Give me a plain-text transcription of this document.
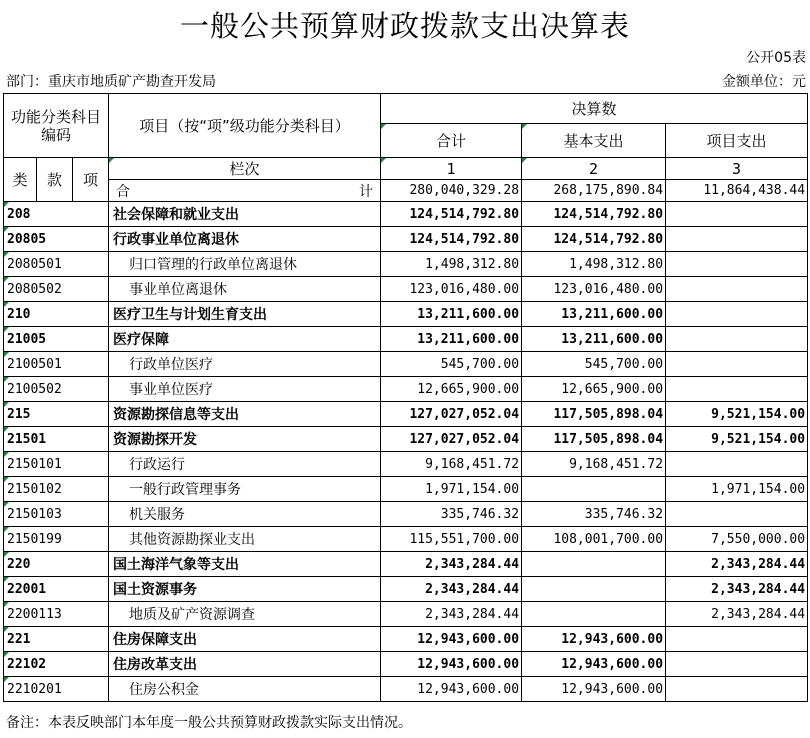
一般公共预算财政拨款支出决算表
公开05表
部门：重庆市地质矿产勘查开发局	金额单位：元
功能分类科目编码			项目（按“项”级功能分类科目）	决算数		
				合计	基本支出	项目支出
类	款	项	栏次	1	2	3

			合 计	280,040,329.28	268,175,890.84	11,864,438.44
208			社会保障和就业支出	124,514,792.80	124,514,792.80	
20805			行政事业单位离退休	124,514,792.80	124,514,792.80	
2080501			归口管理的行政单位离退休	1,498,312.80	1,498,312.80	
2080502			事业单位离退休	123,016,480.00	123,016,480.00	
210			医疗卫生与计划生育支出	13,211,600.00	13,211,600.00	
21005			医疗保障	13,211,600.00	13,211,600.00	
2100501			行政单位医疗	545,700.00	545,700.00	
2100502			事业单位医疗	12,665,900.00	12,665,900.00	
215			资源勘探信息等支出	127,027,052.04	117,505,898.04	9,521,154.00
21501			资源勘探开发	127,027,052.04	117,505,898.04	9,521,154.00
2150101			行政运行	9,168,451.72	9,168,451.72	
2150102			一般行政管理事务	1,971,154.00		1,971,154.00
2150103			机关服务	335,746.32	335,746.32	
2150199			其他资源勘探业支出	115,551,700.00	108,001,700.00	7,550,000.00
220			国土海洋气象等支出	2,343,284.44		2,343,284.44
22001			国土资源事务	2,343,284.44		2,343,284.44
2200113			地质及矿产资源调查	2,343,284.44		2,343,284.44
221			住房保障支出	12,943,600.00	12,943,600.00	
22102			住房改革支出	12,943,600.00	12,943,600.00	
2210201			住房公积金	12,943,600.00	12,943,600.00	
备注：本表反映部门本年度一般公共预算财政拨款实际支出情况。
